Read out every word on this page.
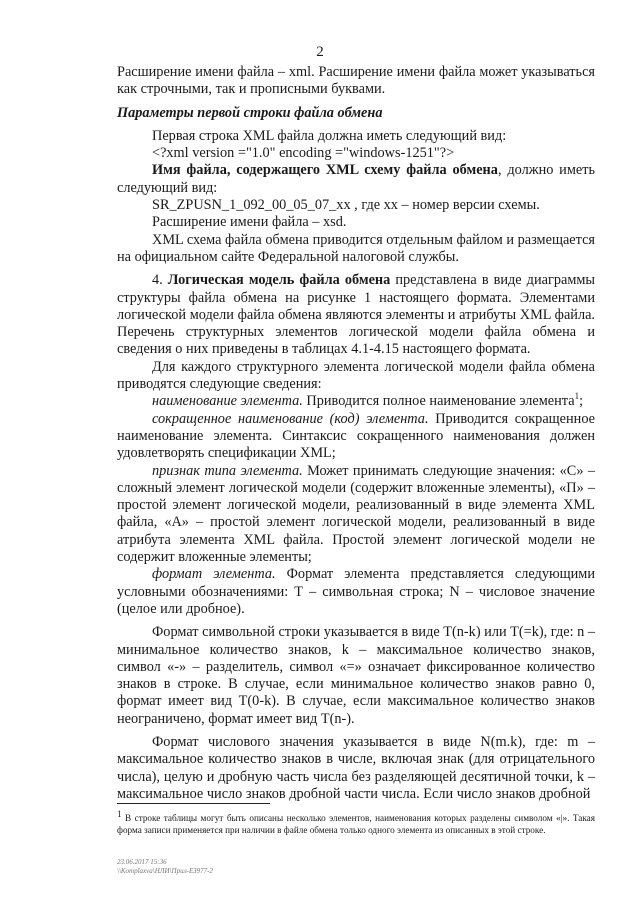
2

Расширение имени файла – xml. Расширение имени файла может указываться как строчными, так и прописными буквами.

Параметры первой строки файла обмена

Первая строка XML файла должна иметь следующий вид:

<?xml version ="1.0" encoding ="windows-1251"?>

Имя файла, содержащего XML схему файла обмена, должно иметь следующий вид:

SR_ZPUSN_1_092_00_05_07_xx , где хх – номер версии схемы.

Расширение имени файла – xsd.

XML схема файла обмена приводится отдельным файлом и размещается на официальном сайте Федеральной налоговой службы.

4. Логическая модель файла обмена представлена в виде диаграммы структуры файла обмена на рисунке 1 настоящего формата. Элементами логической модели файла обмена являются элементы и атрибуты XML файла. Перечень структурных элементов логической модели файла обмена и сведения о них приведены в таблицах 4.1-4.15 настоящего формата.

Для каждого структурного элемента логической модели файла обмена приводятся следующие сведения:

наименование элемента. Приводится полное наименование элемента$^1$;

сокращенное наименование (код) элемента. Приводится сокращенное наименование элемента. Синтаксис сокращенного наименования должен удовлетворять спецификации XML;

признак типа элемента. Может принимать следующие значения: «С» – сложный элемент логической модели (содержит вложенные элементы), «П» – простой элемент логической модели, реализованный в виде элемента XML файла, «А» – простой элемент логической модели, реализованный в виде атрибута элемента XML файла. Простой элемент логической модели не содержит вложенные элементы;

формат элемента. Формат элемента представляется следующими условными обозначениями: Т – символьная строка; N – числовое значение (целое или дробное).

Формат символьной строки указывается в виде Т(n-k) или Т(=k), где: n – минимальное количество знаков, k – максимальное количество знаков, символ «-» – разделитель, символ «=» означает фиксированное количество знаков в строке. В случае, если минимальное количество знаков равно 0, формат имеет вид Т(0-k). В случае, если максимальное количество знаков неограничено, формат имеет вид Т(n-).

Формат числового значения указывается в виде N(m.k), где: m – максимальное количество знаков в числе, включая знак (для отрицательного числа), целую и дробную часть числа без разделяющей десятичной точки, k – максимальное число знаков дробной части числа. Если число знаков дробной

$^1$ В строке таблицы могут быть описаны несколько элементов, наименования которых разделены символом «|». Такая форма записи применяется при наличии в файле обмена только одного элемента из описанных в этой строке.
23.06.2017 15:36
\\Komplaxva\НЛИ\Прил-ЕЗ977-2
